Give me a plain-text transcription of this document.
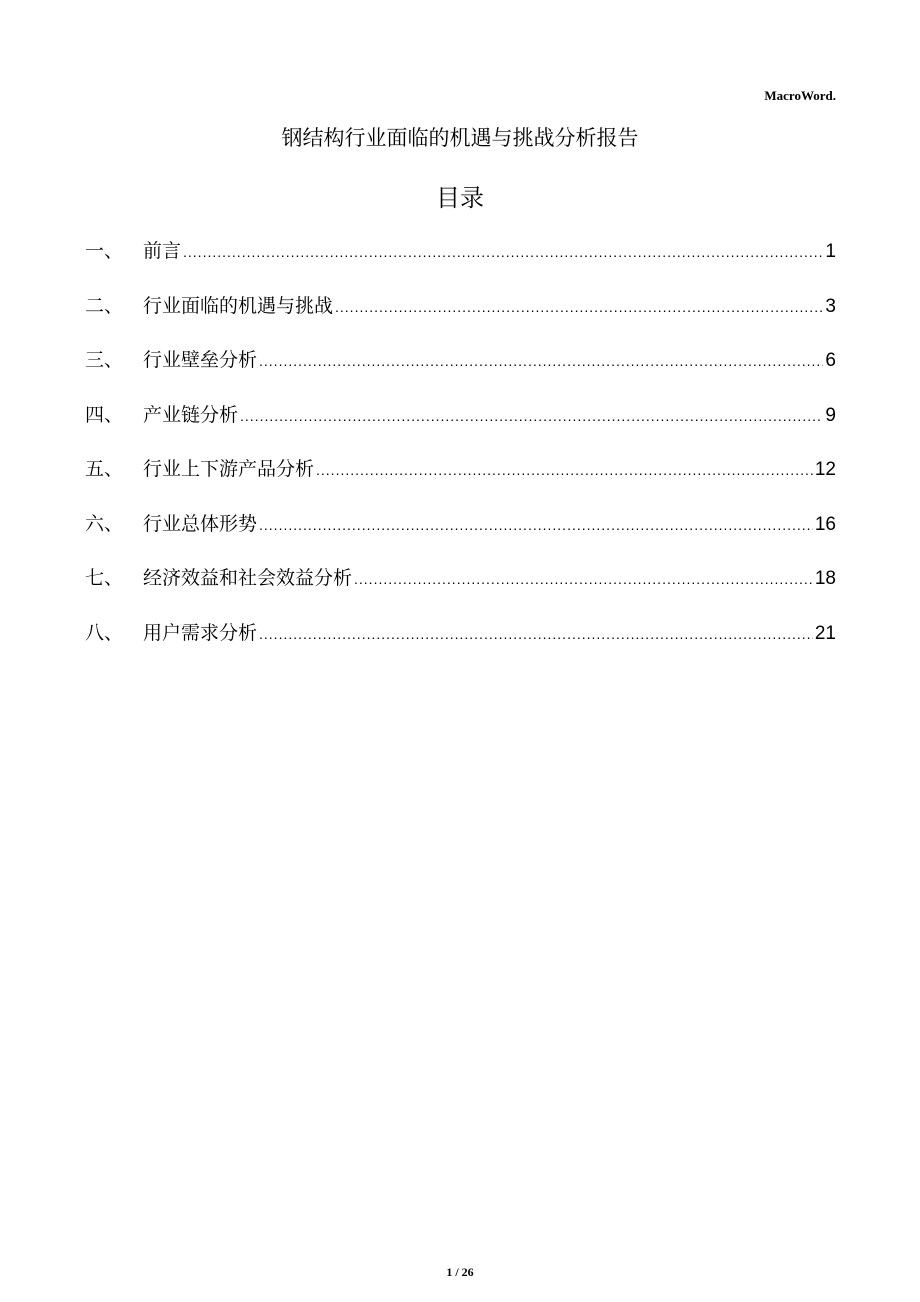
MacroWord.
钢结构行业面临的机遇与挑战分析报告
目录
一、	前言 .....	1
二、	行业面临的机遇与挑战 .....	3
三、	行业壁垒分析 .....	6
四、	产业链分析 .....	9
五、	行业上下游产品分析 .....	12
六、	行业总体形势 .....	16
七、	经济效益和社会效益分析 .....	18
八、	用户需求分析 .....	21
1 / 26
